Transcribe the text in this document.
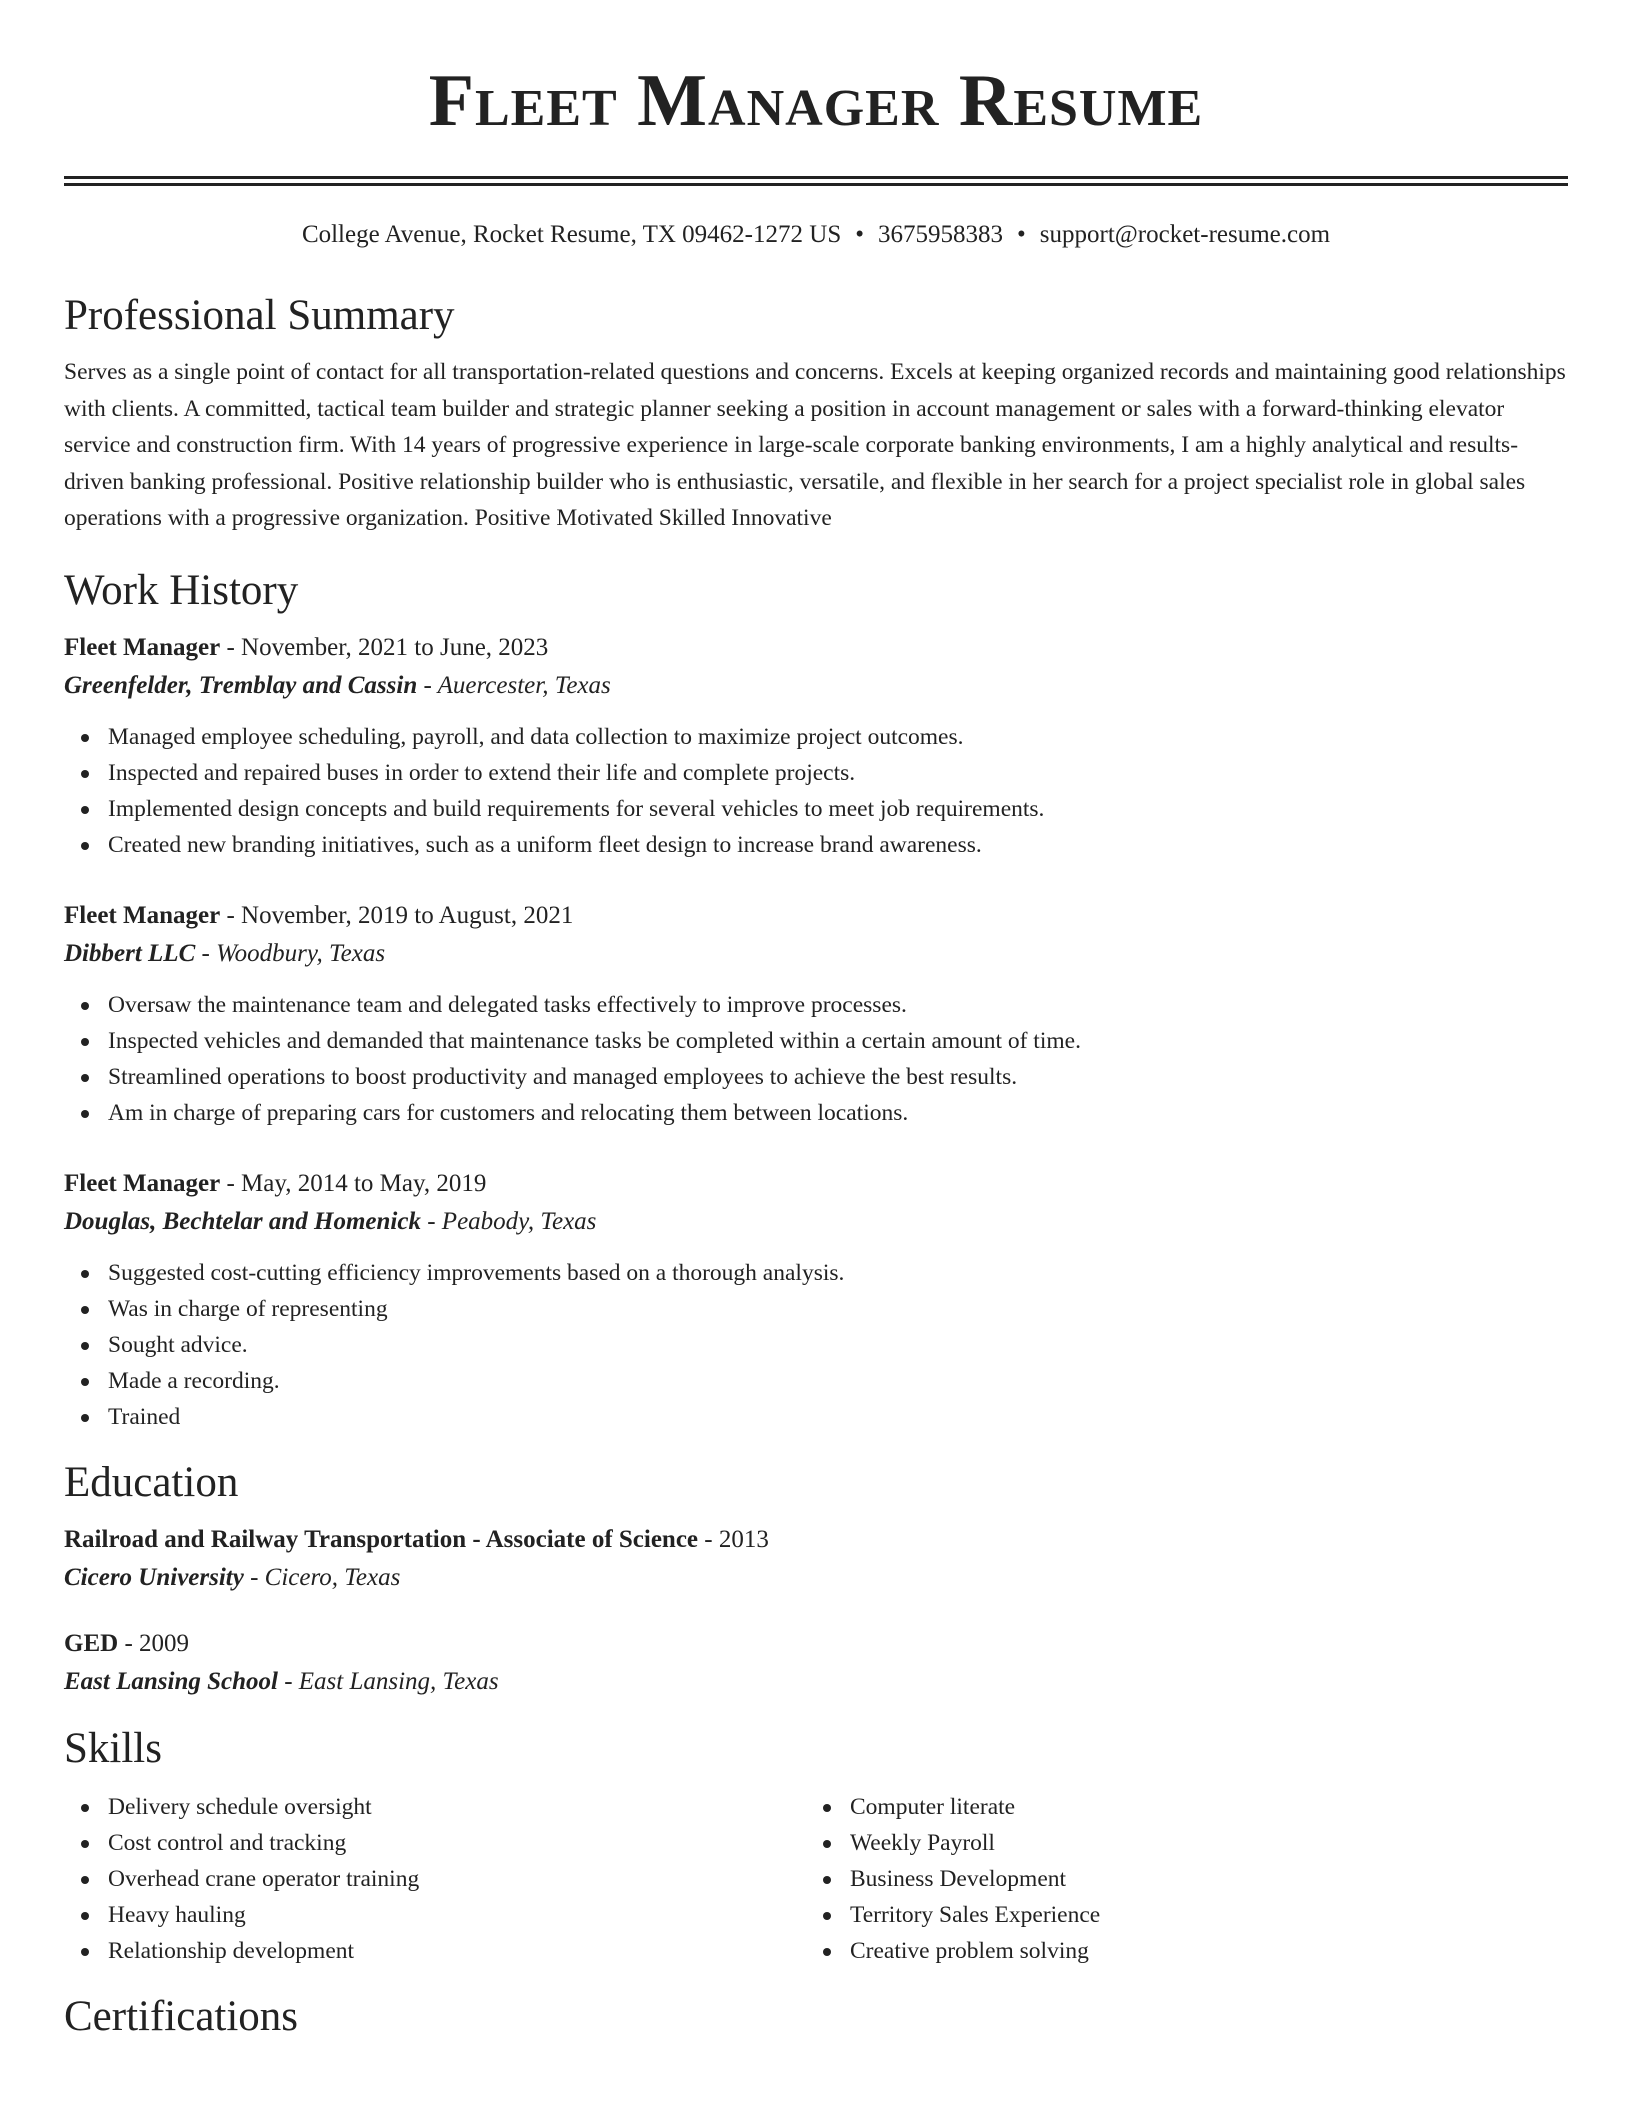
Fleet Manager Resume
College Avenue, Rocket Resume, TX 09462-1272 US • 3675958383 • support@rocket-resume.com
Professional Summary

Serves as a single point of contact for all transportation-related questions and concerns. Excels at keeping organized records and maintaining good relationships with clients. A committed, tactical team builder and strategic planner seeking a position in account management or sales with a forward-thinking elevator service and construction firm. With 14 years of progressive experience in large-scale corporate banking environments, I am a highly analytical and results-driven banking professional. Positive relationship builder who is enthusiastic, versatile, and flexible in her search for a project specialist role in global sales operations with a progressive organization. Positive Motivated Skilled Innovative

Work History
Fleet Manager - November, 2021 to June, 2023
Greenfelder, Tremblay and Cassin - Auercester, Texas
Managed employee scheduling, payroll, and data collection to maximize project outcomes.
Inspected and repaired buses in order to extend their life and complete projects.
Implemented design concepts and build requirements for several vehicles to meet job requirements.
Created new branding initiatives, such as a uniform fleet design to increase brand awareness.
Fleet Manager - November, 2019 to August, 2021
Dibbert LLC - Woodbury, Texas
Oversaw the maintenance team and delegated tasks effectively to improve processes.
Inspected vehicles and demanded that maintenance tasks be completed within a certain amount of time.
Streamlined operations to boost productivity and managed employees to achieve the best results.
Am in charge of preparing cars for customers and relocating them between locations.
Fleet Manager - May, 2014 to May, 2019
Douglas, Bechtelar and Homenick - Peabody, Texas
Suggested cost-cutting efficiency improvements based on a thorough analysis.
Was in charge of representing
Sought advice.
Made a recording.
Trained
Education
Railroad and Railway Transportation - Associate of Science - 2013
Cicero University - Cicero, Texas
GED - 2009
East Lansing School - East Lansing, Texas
Skills
Delivery schedule oversight
Cost control and tracking
Overhead crane operator training
Heavy hauling
Relationship development
Computer literate
Weekly Payroll
Business Development
Territory Sales Experience
Creative problem solving
Certifications
